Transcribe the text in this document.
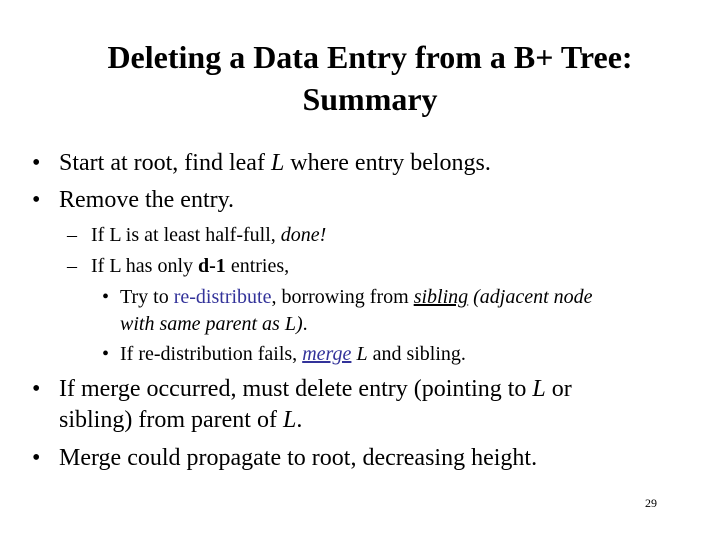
Deleting a Data Entry from a B+ Tree:
Summary
• Start at root, find leaf L where entry belongs.
• Remove the entry.
– If L is at least half-full, done!
– If L has only d-1 entries,
• Try to re-distribute, borrowing from sibling (adjacent node
with same parent as L).
• If re-distribution fails, merge L and sibling.
• If merge occurred, must delete entry (pointing to L or
sibling) from parent of L.
• Merge could propagate to root, decreasing height.
29
